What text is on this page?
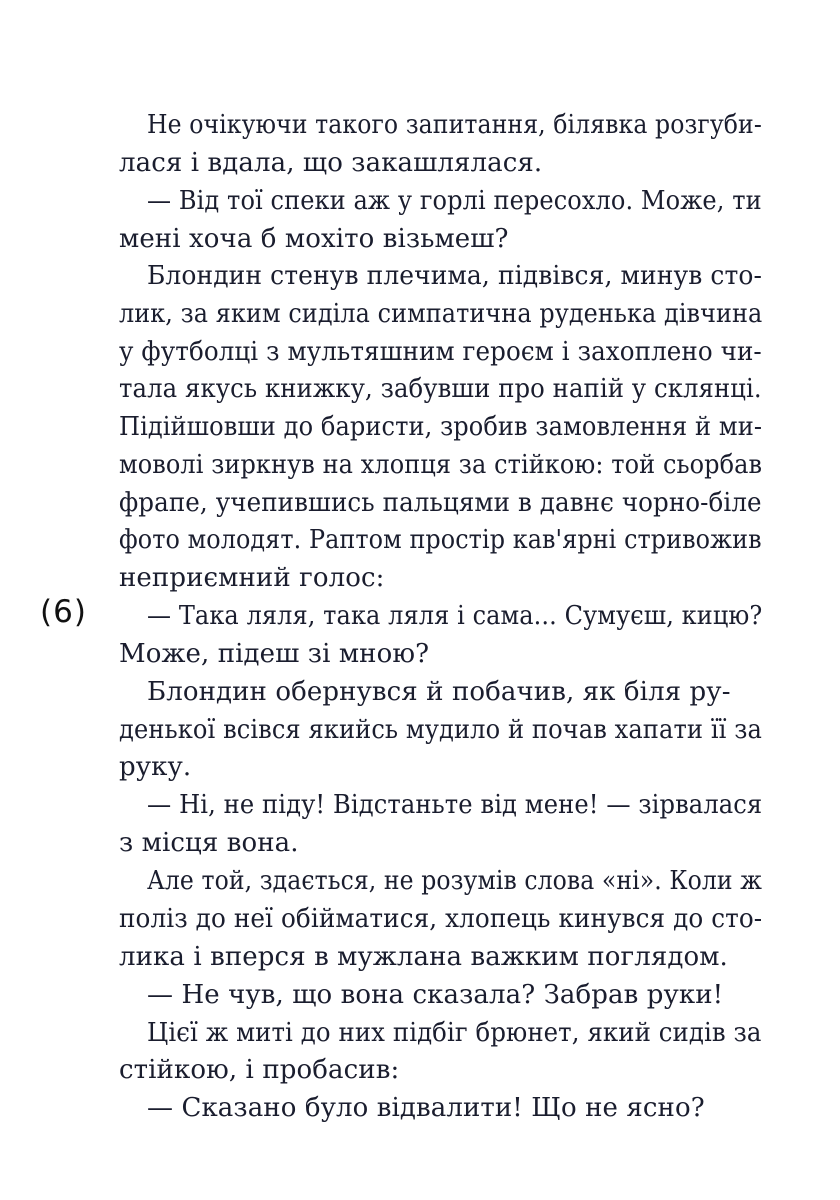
(6)
Не очікуючи такого запитання, білявка розгуби-
лася і вдала, що закашлялася.
— Від тої спеки аж у горлі пересохло. Може, ти
мені хоча б мохіто візьмеш?
Блондин стенув плечима, підвівся, минув сто-
лик, за яким сиділа симпатична руденька дівчина
у футболці з мультяшним героєм і захоплено чи-
тала якусь книжку, забувши про напій у склянці.
Підійшовши до баристи, зробив замовлення й ми-
моволі зиркнув на хлопця за стійкою: той сьорбав
фрапе, учепившись пальцями в давнє чорно-біле
фото молодят. Раптом простір кав'ярні стривожив
неприємний голос:
— Така ляля, така ляля і сама... Сумуєш, кицю?
Може, підеш зі мною?
Блондин обернувся й побачив, як біля ру-
денької всівся якийсь мудило й почав хапати її за
руку.
— Ні, не піду! Відстаньте від мене! — зірвалася
з місця вона.
Але той, здається, не розумів слова «ні». Коли ж
поліз до неї обійматися, хлопець кинувся до сто-
лика і вперся в мужлана важким поглядом.
— Не чув, що вона сказала? Забрав руки!
Цієї ж миті до них підбіг брюнет, який сидів за
стійкою, і пробасив:
— Сказано було відвалити! Що не ясно?
